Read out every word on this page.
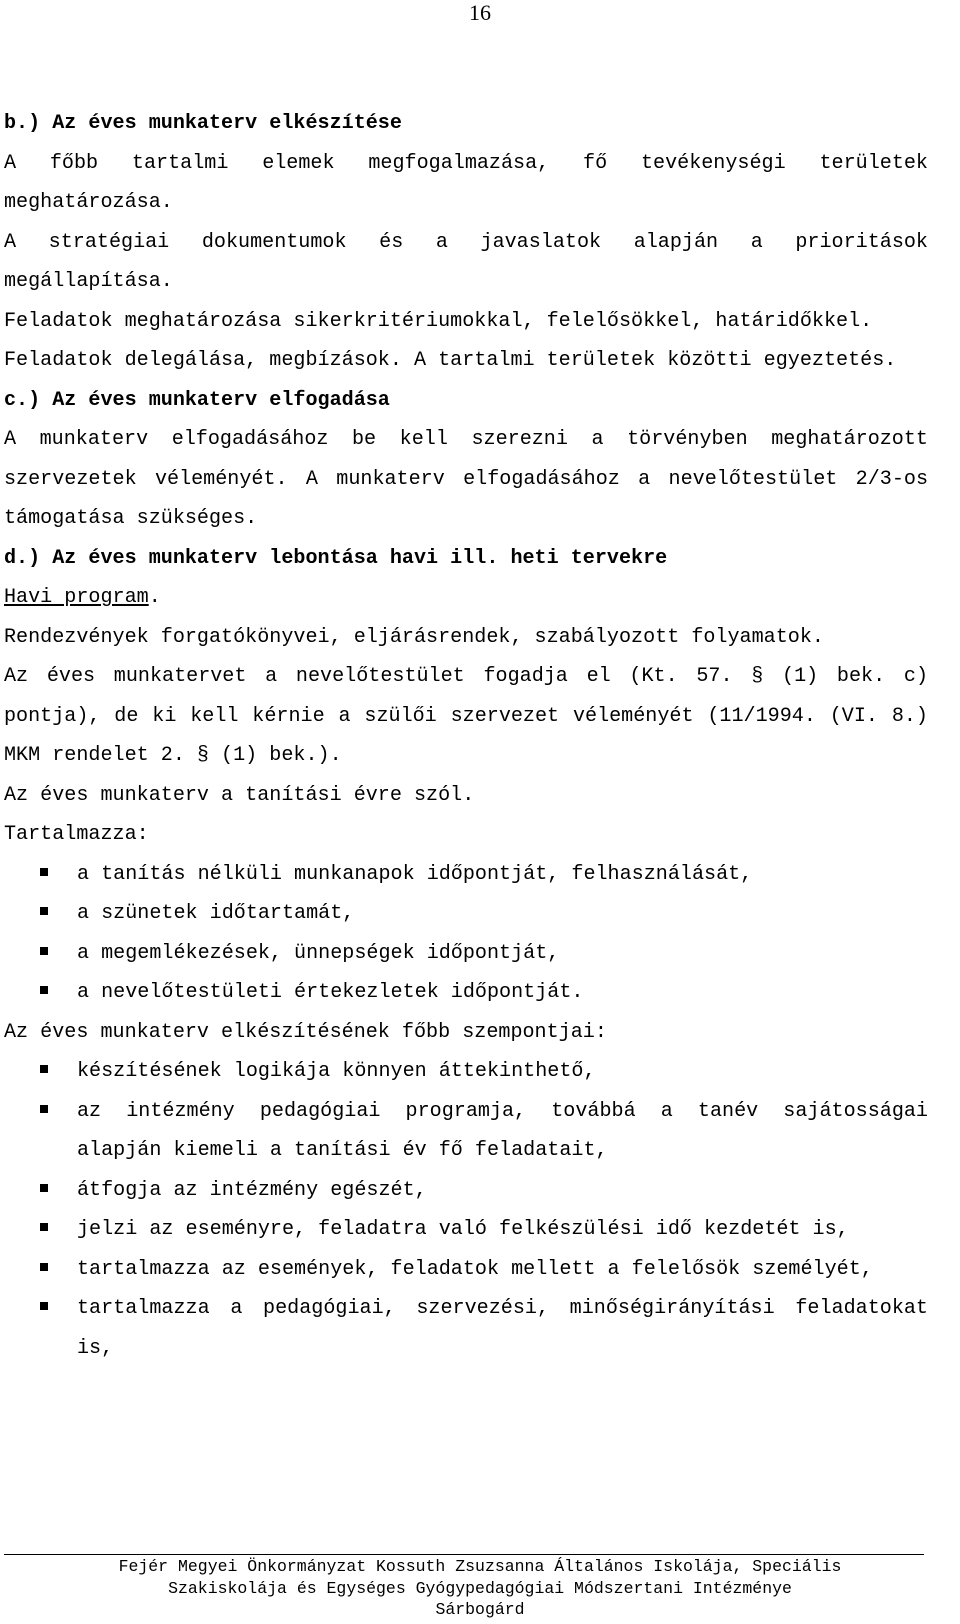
16

b.) Az éves munkaterv elkészítése

A főbb tartalmi elemek megfogalmazása, fő tevékenységi területek meghatározása.

A stratégiai dokumentumok és a javaslatok alapján a prioritások megállapítása.

Feladatok meghatározása sikerkritériumokkal, felelősökkel, határidőkkel.

Feladatok delegálása, megbízások. A tartalmi területek közötti egyeztetés.

c.) Az éves munkaterv elfogadása

A munkaterv elfogadásához be kell szerezni a törvényben meghatározott szervezetek véleményét. A munkaterv elfogadásához a nevelőtestület 2/3-os támogatása szükséges.

d.) Az éves munkaterv lebontása havi ill. heti tervekre

Havi program.

Rendezvények forgatókönyvei, eljárásrendek, szabályozott folyamatok.

Az éves munkatervet a nevelőtestület fogadja el (Kt. 57. § (1) bek. c) pontja), de ki kell kérnie a szülői szervezet véleményét (11/1994. (VI. 8.) MKM rendelet 2. § (1) bek.).

Az éves munkaterv a tanítási évre szól.

Tartalmazza:

a tanítás nélküli munkanapok időpontját, felhasználását,
a szünetek időtartamát,
a megemlékezések, ünnepségek időpontját,
a nevelőtestületi értekezletek időpontját.

Az éves munkaterv elkészítésének főbb szempontjai:

készítésének logikája könnyen áttekinthető,
az intézmény pedagógiai programja, továbbá a tanév sajátosságai alapján kiemeli a tanítási év fő feladatait,
átfogja az intézmény egészét,
jelzi az eseményre, feladatra való felkészülési idő kezdetét is,
tartalmazza az események, feladatok mellett a felelősök személyét,
tartalmazza a pedagógiai, szervezési, minőségirányítási feladatokat is,

Fejér Megyei Önkormányzat Kossuth Zsuzsanna Általános Iskolája, Speciális

Szakiskolája és Egységes Gyógypedagógiai Módszertani Intézménye

Sárbogárd
